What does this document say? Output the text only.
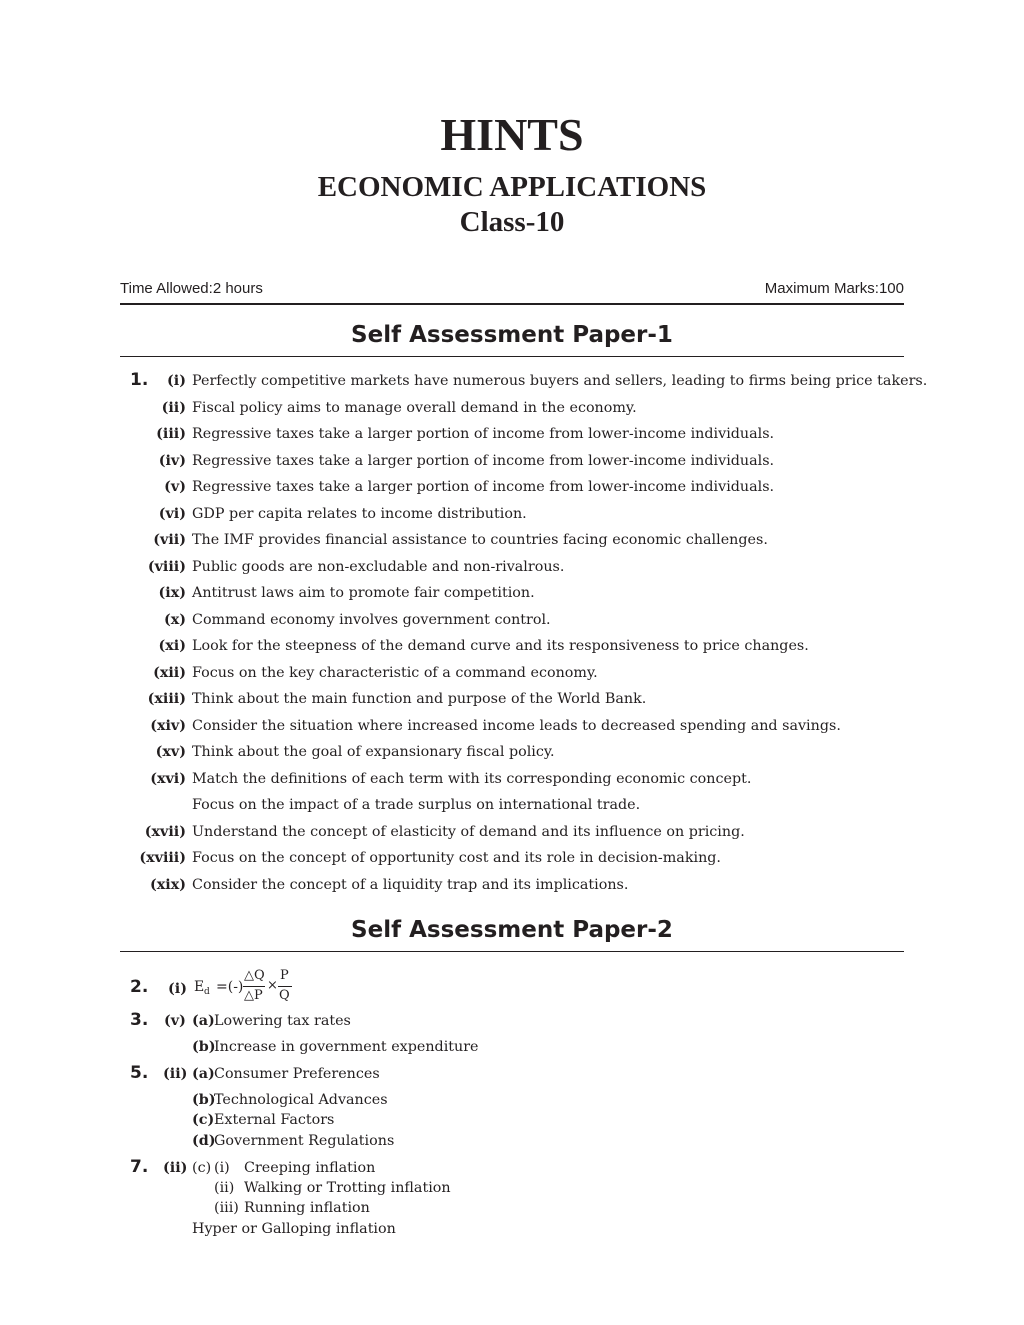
HINTS
ECONOMIC APPLICATIONS
Class-10
Time Allowed:2 hours	Maximum Marks:100
Self Assessment Paper-1
1.	(i) Perfectly competitive markets have numerous buyers and sellers, leading to firms being price takers.
(ii) Fiscal policy aims to manage overall demand in the economy.
(iii) Regressive taxes take a larger portion of income from lower-income individuals.
(iv) Regressive taxes take a larger portion of income from lower-income individuals.
(v) Regressive taxes take a larger portion of income from lower-income individuals.
(vi) GDP per capita relates to income distribution.
(vii) The IMF provides financial assistance to countries facing economic challenges.
(viii) Public goods are non-excludable and non-rivalrous.
(ix) Antitrust laws aim to promote fair competition.
(x) Command economy involves government control.
(xi) Look for the steepness of the demand curve and its responsiveness to price changes.
(xii) Focus on the key characteristic of a command economy.
(xiii) Think about the main function and purpose of the World Bank.
(xiv) Consider the situation where increased income leads to decreased spending and savings.
(xv) Think about the goal of expansionary fiscal policy.
(xvi) Match the definitions of each term with its corresponding economic concept.
Focus on the impact of a trade surplus on international trade.
(xvii) Understand the concept of elasticity of demand and its influence on pricing.
(xviii) Focus on the concept of opportunity cost and its role in decision-making.
(xix) Consider the concept of a liquidity trap and its implications.
Self Assessment Paper-2
2. (i) E d =(-)
△Q
△P
×
P
Q
3. (v) (a) Lowering tax rates
(b)
Increase in government expenditure
5. (ii) (a) Consumer Preferences
(b)
Technological Advances
(c) External Factors
(d)
Government Regulations
7. (ii) (c) (i) Creeping inflation
(ii) Walking or Trotting inflation
(iii) Running inflation
Hyper or Galloping inflation
